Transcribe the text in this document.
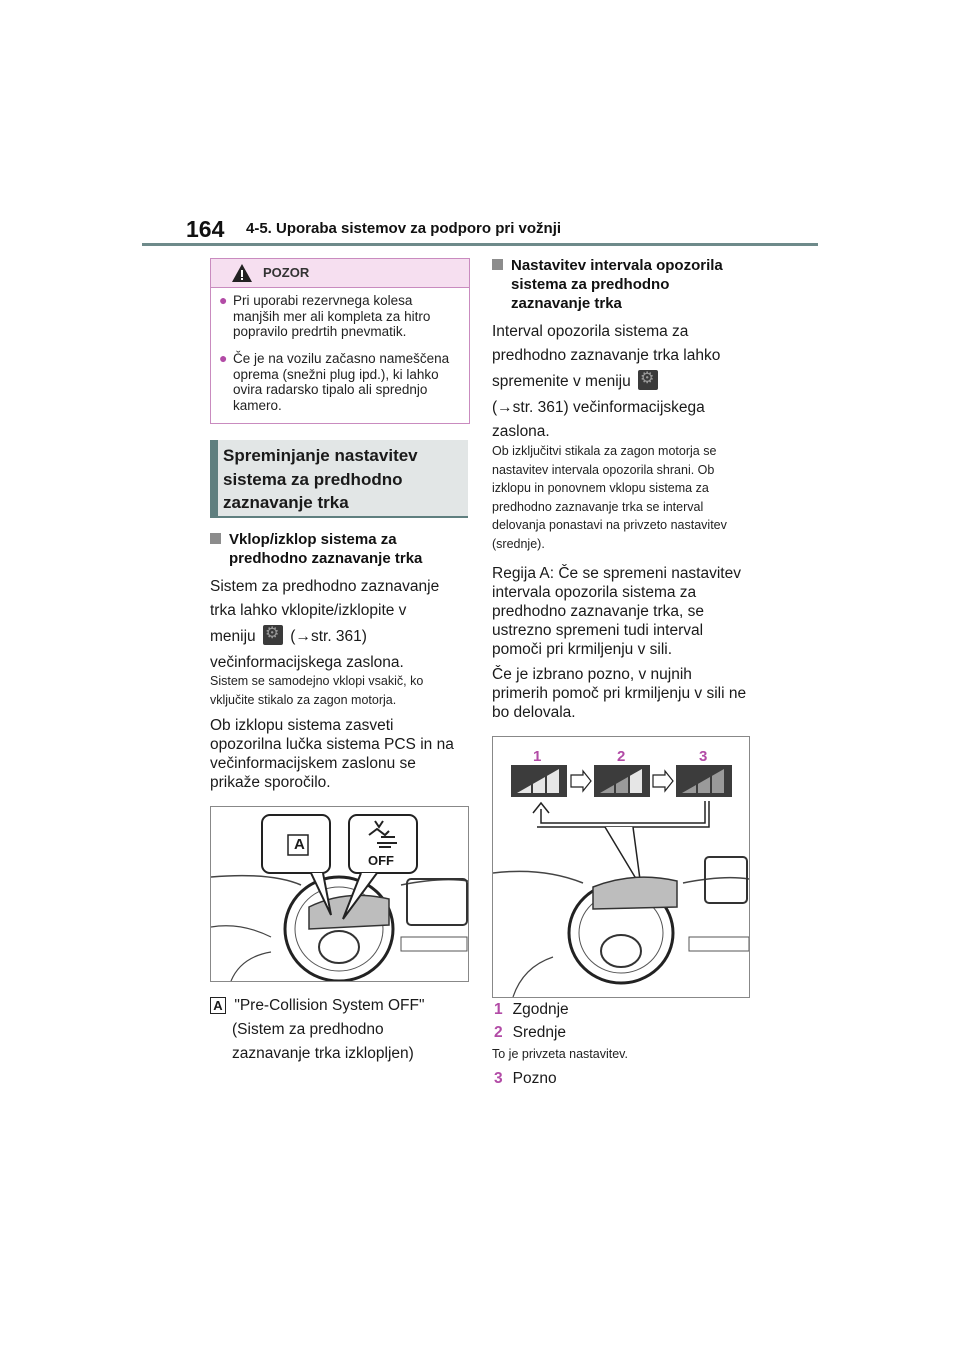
164 4-5. Uporaba sistemov za podporo pri vožnji
POZOR
● Pri uporabi rezervnega kolesa manjših mer ali kompleta za hitro popravilo predrtih pnevmatik.
● Če je na vozilu začasno nameščena oprema (snežni plug ipd.), ki lahko ovira radarsko tipalo ali sprednjo kamero.
Spreminjanje nastavitev sistema za predhodno zaznavanje trka
Vklop/izklop sistema za predhodno zaznavanje trka
Sistem za predhodno zaznavanje
trka lahko vklopite/izklopite v
meniju ⚙ (→str. 361)
večinformacijskega zaslona.
Sistem se samodejno vklopi vsakič, ko vključite stikalo za zagon motorja.
Ob izklopu sistema zasveti opozorilna lučka sistema PCS in na večinformacijskem zaslonu se prikaže sporočilo.
A
OFF
A "Pre-Collision System OFF"
(Sistem za predhodno
zaznavanje trka izklopljen)
Nastavitev intervala opozorila sistema za predhodno zaznavanje trka
Interval opozorila sistema za
predhodno zaznavanje trka lahko
spremenite v meniju ⚙
(→str. 361) večinformacijskega
zaslona.
Ob izključitvi stikala za zagon motorja se nastavitev intervala opozorila shrani. Ob izklopu in ponovnem vklopu sistema za predhodno zaznavanje trka se interval delovanja ponastavi na privzeto nastavitev (srednje).
Regija A: Če se spremeni nastavitev intervala opozorila sistema za predhodno zaznavanje trka, se ustrezno spremeni tudi interval pomoči pri krmiljenju v sili.
Če je izbrano pozno, v nujnih primerih pomoč pri krmiljenju v sili ne bo delovala.
1	2	3
1 Zgodnje
2 Srednje
To je privzeta nastavitev.
3 Pozno
